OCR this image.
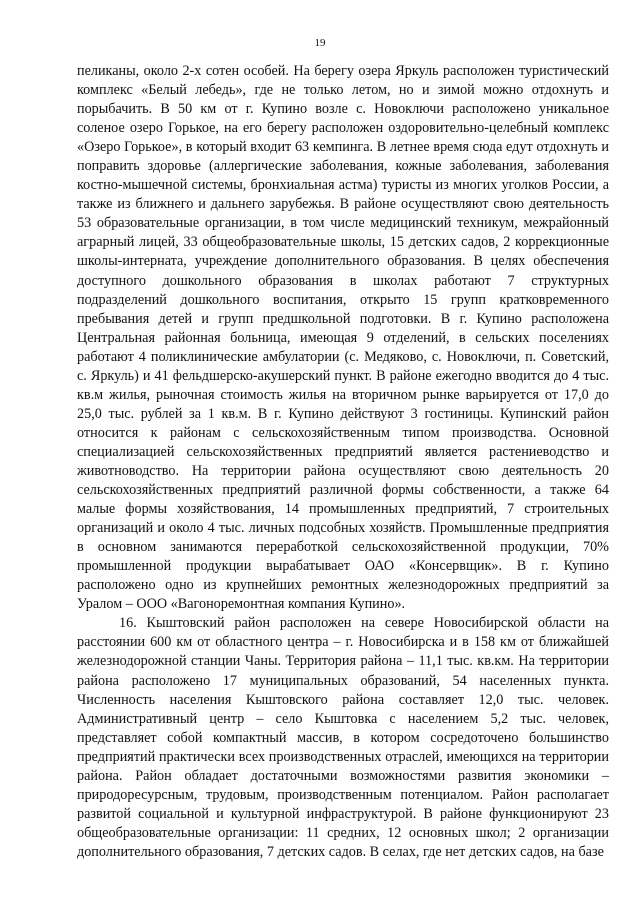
19

пеликаны, около 2-х сотен особей. На берегу озера Яркуль расположен туристический комплекс «Белый лебедь», где не только летом, но и зимой можно отдохнуть и порыбачить. В 50 км от г. Купино возле с. Новоключи расположено уникальное соленое озеро Горькое, на его берегу расположен оздоровительно-целебный комплекс «Озеро Горькое», в который входит 63 кемпинга. В летнее время сюда едут отдохнуть и поправить здоровье (аллергические заболевания, кожные заболевания, заболевания костно-мышечной системы, бронхиальная астма) туристы из многих уголков России, а также из ближнего и дальнего зарубежья. В районе осуществляют свою деятельность 53 образовательные организации, в том числе медицинский техникум, межрайонный аграрный лицей, 33 общеобразовательные школы, 15 детских садов, 2 коррекционные школы-интерната, учреждение дополнительного образования. В целях обеспечения доступного дошкольного образования в школах работают 7 структурных подразделений дошкольного воспитания, открыто 15 групп кратковременного пребывания детей и групп предшкольной подготовки. В г. Купино расположена Центральная районная больница, имеющая 9 отделений, в сельских поселениях работают 4 поликлинические амбулатории (с. Медяково, с. Новоключи, п. Советский, с. Яркуль) и 41 фельдшерско-акушерский пункт. В районе ежегодно вводится до 4 тыс. кв.м жилья, рыночная стоимость жилья на вторичном рынке варьируется от 17,0 до 25,0 тыс. рублей за 1 кв.м. В г. Купино действуют 3 гостиницы. Купинский район относится к районам с сельскохозяйственным типом производства. Основной специализацией сельскохозяйственных предприятий является растениеводство и животноводство. На территории района осуществляют свою деятельность 20 сельскохозяйственных предприятий различной формы собственности, а также 64 малые формы хозяйствования, 14 промышленных предприятий, 7 строительных организаций и около 4 тыс. личных подсобных хозяйств. Промышленные предприятия в основном занимаются переработкой сельскохозяйственной продукции, 70% промышленной продукции вырабатывает ОАО «Консервщик». В г. Купино расположено одно из крупнейших ремонтных железнодорожных предприятий за Уралом – ООО «Вагоноремонтная компания Купино».

16. Кыштовский район расположен на севере Новосибирской области на расстоянии 600 км от областного центра – г. Новосибирска и в 158 км от ближайшей железнодорожной станции Чаны. Территория района – 11,1 тыс. кв.км. На территории района расположено 17 муниципальных образований, 54 населенных пункта. Численность населения Кыштовского района составляет 12,0 тыс. человек. Административный центр – село Кыштовка с населением 5,2 тыс. человек, представляет собой компактный массив, в котором сосредоточено большинство предприятий практически всех производственных отраслей, имеющихся на территории района. Район обладает достаточными возможностями развития экономики – природоресурсным, трудовым, производственным потенциалом. Район располагает развитой социальной и культурной инфраструктурой. В районе функционируют 23 общеобразовательные организации: 11 средних, 12 основных школ; 2 организации дополнительного образования, 7 детских садов. В селах, где нет детских садов, на базе
